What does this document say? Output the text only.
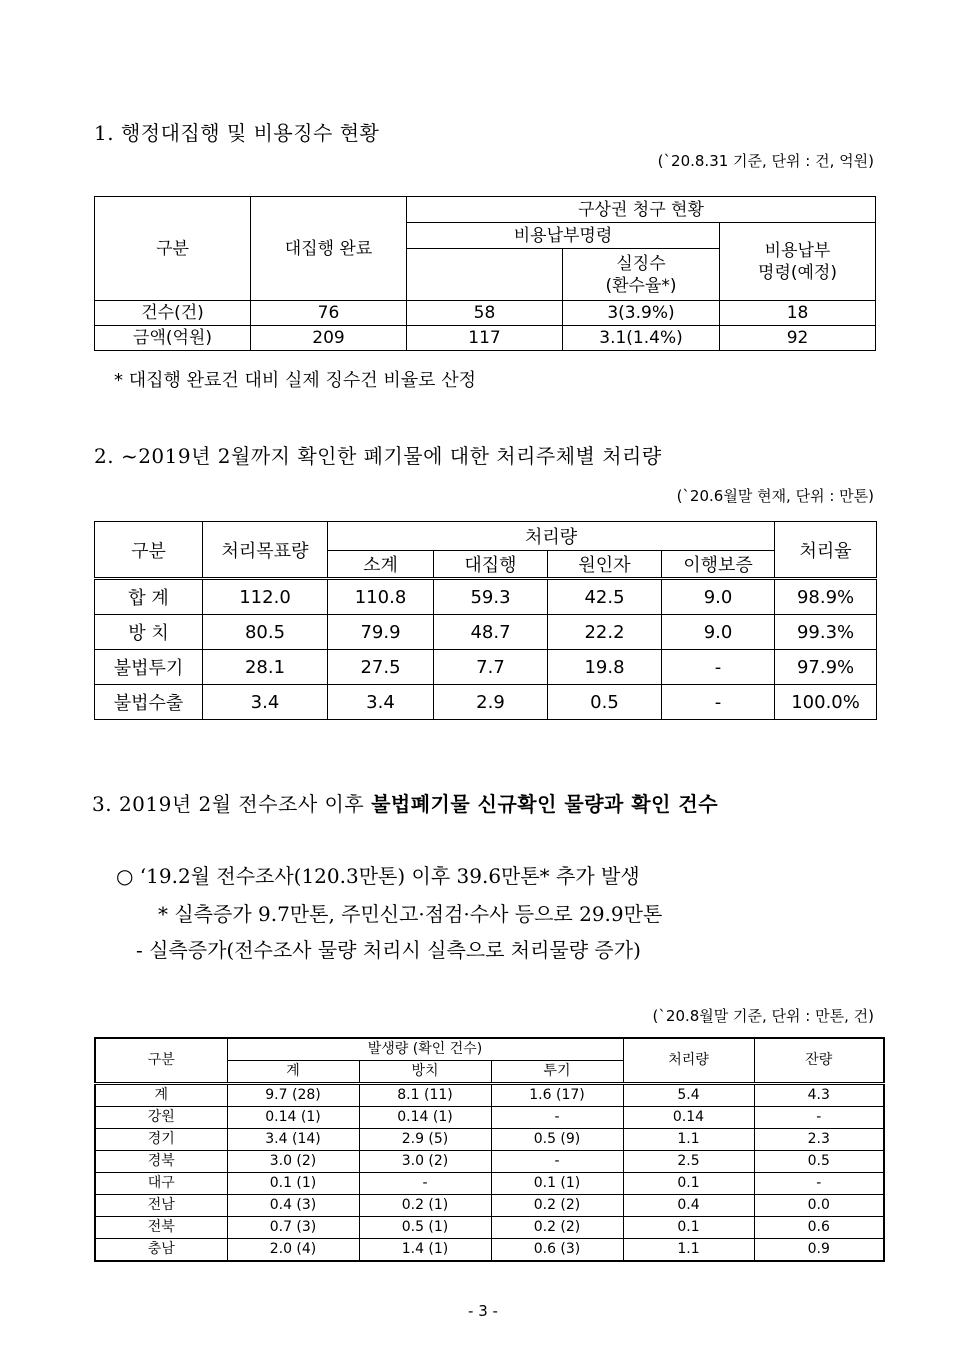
1. 행정대집행 및 비용징수 현황
(`20.8.31 기준, 단위 : 건, 억원)
구분	대집행 완료	구상권 청구 현황		
		비용납부명령		비용납부
명령(예정)

			실징수
(환수율*)	

건수(건)	76	58	3(3.9%)	18
금액(억원)	209	117	3.1(1.4%)	92
* 대집행 완료건 대비 실제 징수건 비율로 산정
2. ~2019년 2월까지 확인한 폐기물에 대한 처리주체별 처리량
(`20.6월말 현재, 단위 : 만톤)
구분	처리목표량	처리량				처리율
		소계	대집행	원인자	이행보증	
합 계	112.0	110.8	59.3	42.5	9.0	98.9%
방 치	80.5	79.9	48.7	22.2	9.0	99.3%
불법투기	28.1	27.5	7.7	19.8	-	97.9%
불법수출	3.4	3.4	2.9	0.5	-	100.0%
3. 2019년 2월 전수조사 이후 불법폐기물 신규확인 물량과 확인 건수
○ ‘19.2월 전수조사(120.3만톤) 이후 39.6만톤* 추가 발생
* 실측증가 9.7만톤, 주민신고·점검·수사 등으로 29.9만톤
- 실측증가(전수조사 물량 처리시 실측으로 처리물량 증가)
(`20.8월말 기준, 단위 : 만톤, 건)
구분	발생량 (확인 건수)			처리량	잔량
	계	방치	투기		
계	9.7 (28)	8.1 (11)	1.6 (17)	5.4	4.3
강원	0.14 (1)	0.14 (1)	-	0.14	-
경기	3.4 (14)	2.9 (5)	0.5 (9)	1.1	2.3
경북	3.0 (2)	3.0 (2)	-	2.5	0.5
대구	0.1 (1)	-	0.1 (1)	0.1	-
전남	0.4 (3)	0.2 (1)	0.2 (2)	0.4	0.0
전북	0.7 (3)	0.5 (1)	0.2 (2)	0.1	0.6
충남	2.0 (4)	1.4 (1)	0.6 (3)	1.1	0.9
- 3 -
